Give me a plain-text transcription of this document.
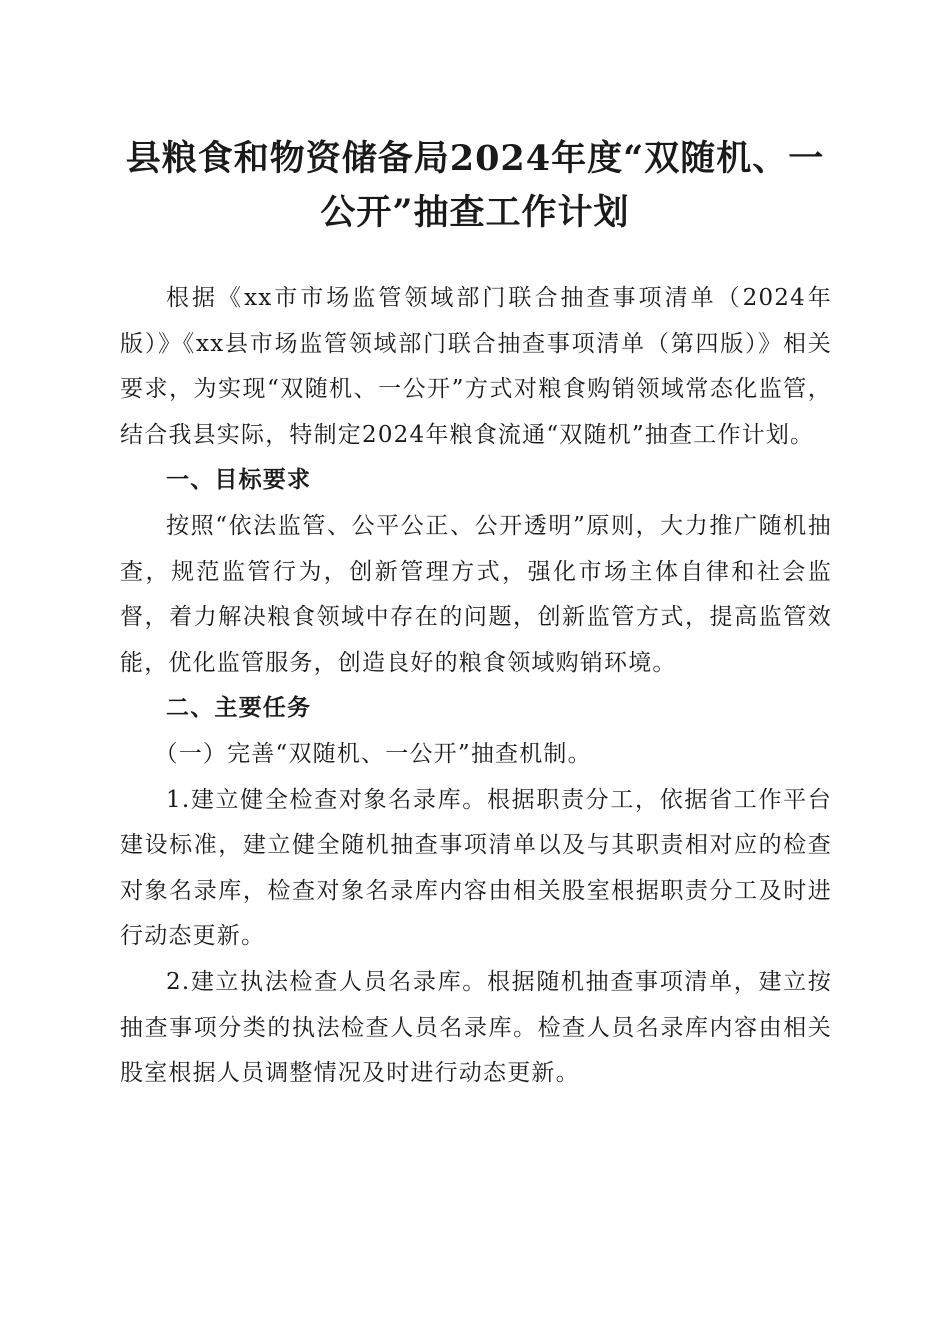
县粮食和物资储备局2024年度“双随机、一
公开”抽查工作计划

根据《xx市市场监管领域部门联合抽查事项清单（2024年版）》《xx县市场监管领域部门联合抽查事项清单（第四版）》相关要求，为实现“双随机、一公开”方式对粮食购销领域常态化监管，结合我县实际，特制定2024年粮食流通“双随机”抽查工作计划。

一、目标要求

按照“依法监管、公平公正、公开透明”原则，大力推广随机抽查，规范监管行为，创新管理方式，强化市场主体自律和社会监督，着力解决粮食领域中存在的问题，创新监管方式，提高监管效能，优化监管服务，创造良好的粮食领域购销环境。

二、主要任务

（一）完善“双随机、一公开”抽查机制。

1.建立健全检查对象名录库。根据职责分工，依据省工作平台建设标准，建立健全随机抽查事项清单以及与其职责相对应的检查对象名录库，检查对象名录库内容由相关股室根据职责分工及时进行动态更新。

2.建立执法检查人员名录库。根据随机抽查事项清单，建立按抽查事项分类的执法检查人员名录库。检查人员名录库内容由相关股室根据人员调整情况及时进行动态更新。
